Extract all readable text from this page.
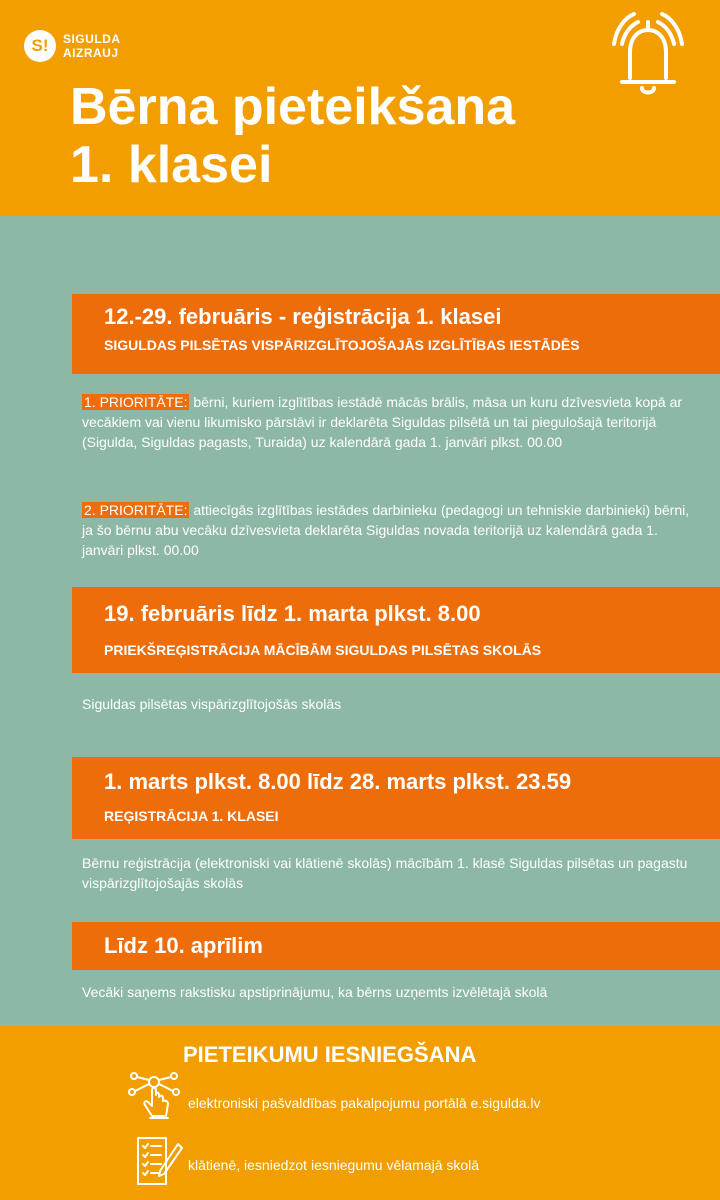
S!	SIGULDA
AIZRAUJ
Bērna pieteikšana
1. klasei
12.-29. februāris - reģistrācija 1. klasei
SIGULDAS PILSĒTAS VISPĀRIZGLĪTOJOŠAJĀS IZGLĪTĪBAS IESTĀDĒS

1. PRIORITĀTE: bērni, kuriem izglītības iestādē mācās brālis, māsa un kuru dzīvesvieta kopā ar vecākiem vai vienu likumisko pārstāvi ir deklarēta Siguldas pilsētā un tai piegulošajā teritorijā (Sigulda, Siguldas pagasts, Turaida) uz kalendārā gada 1. janvāri plkst. 00.00

2. PRIORITĀTE: attiecīgās izglītības iestādes darbinieku (pedagogi un tehniskie darbinieki) bērni, ja šo bērnu abu vecāku dzīvesvieta deklarēta Siguldas novada teritorijā uz kalendārā gada 1. janvāri plkst. 00.00

19. februāris līdz 1. marta plkst. 8.00
PRIEKŠREĢISTRĀCIJA MĀCĪBĀM SIGULDAS PILSĒTAS SKOLĀS

Siguldas pilsētas vispārizglītojošās skolās

1. marts plkst. 8.00 līdz 28. marts plkst. 23.59
REĢISTRĀCIJA 1. KLASEI

Bērnu reģistrācija (elektroniski vai klātienē skolās) mācībām 1. klasē Siguldas pilsētas un pagastu vispārizglītojošajās skolās

Līdz 10. aprīlim

Vecāki saņems rakstisku apstiprinājumu, ka bērns uzņemts izvēlētajā skolā

PIETEIKUMU IESNIEGŠANA
elektroniski pašvaldības pakalpojumu portālā e.sigulda.lv
klātienē, iesniedzot iesniegumu vēlamajā skolā
